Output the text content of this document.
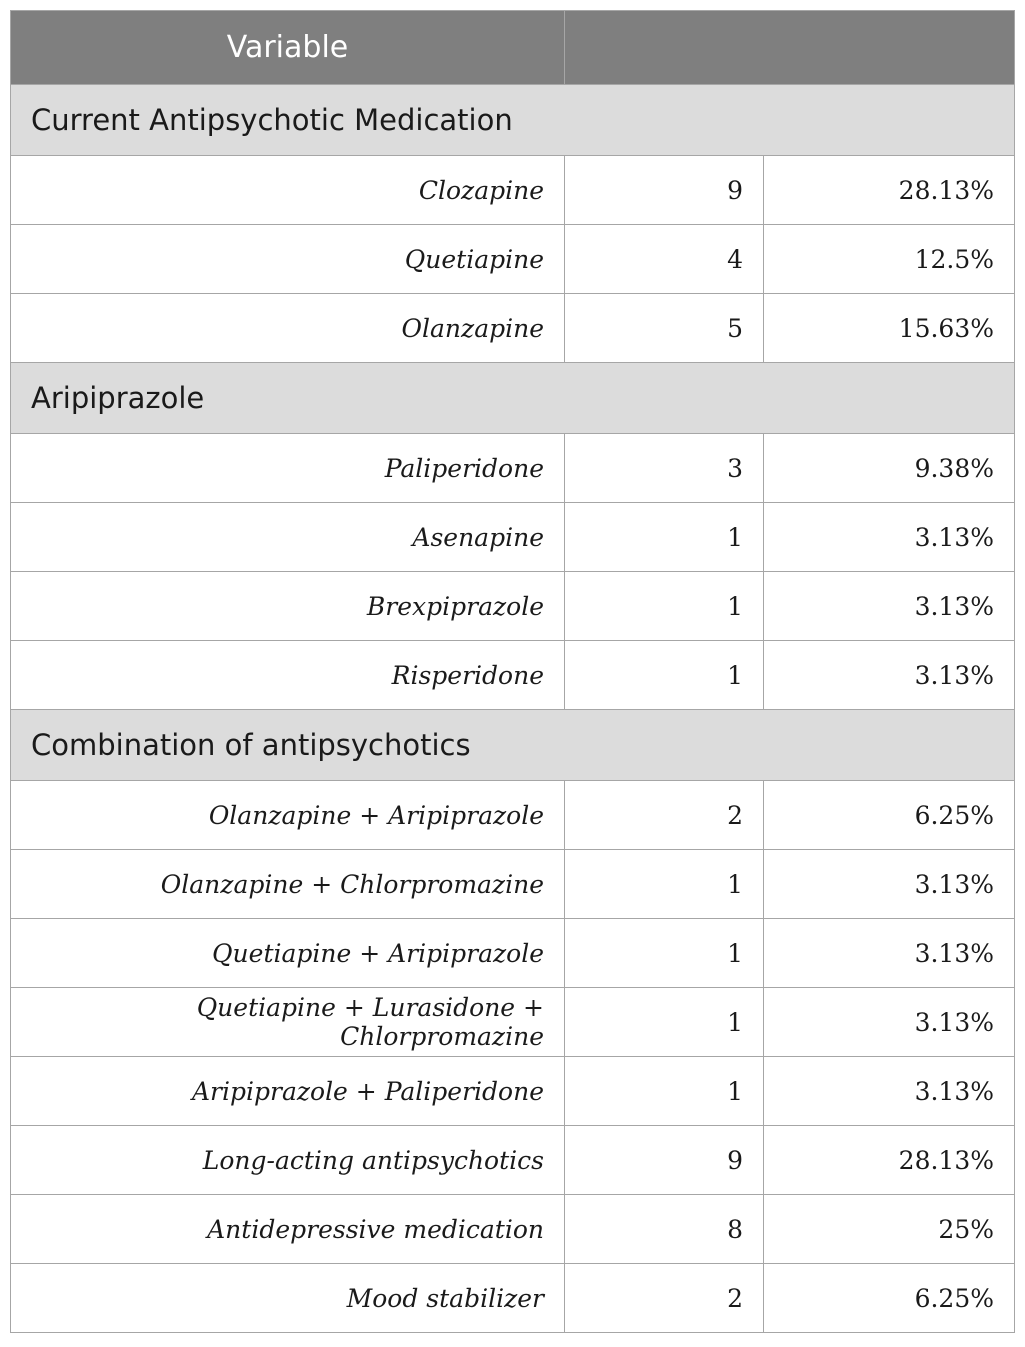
Variable		
Current Antipsychotic Medication		
Clozapine	9	28.13%
Quetiapine	4	12.5%
Olanzapine	5	15.63%
Aripiprazole		
Paliperidone	3	9.38%
Asenapine	1	3.13%
Brexpiprazole	1	3.13%
Risperidone	1	3.13%
Combination of antipsychotics		
Olanzapine + Aripiprazole	2	6.25%
Olanzapine + Chlorpromazine	1	3.13%
Quetiapine + Aripiprazole	1	3.13%
Quetiapine + Lurasidone + Chlorpromazine	1	3.13%
Aripiprazole + Paliperidone	1	3.13%
Long-acting antipsychotics	9	28.13%
Antidepressive medication	8	25%
Mood stabilizer	2	6.25%
